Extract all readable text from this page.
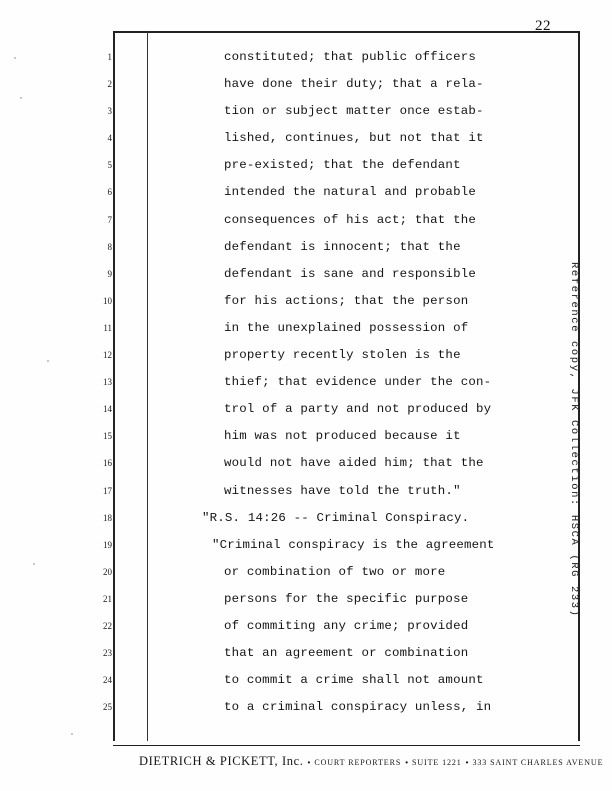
22
1
2
3
4
5
6
7
8
9
10
11
12
13
14
15
16
17
18
19
20
21
22
23
24
25
constituted; that public officers
have done their duty; that a rela-
tion or subject matter once estab-
lished, continues, but not that it
pre-existed; that the defendant
intended the natural and probable
consequences of his act; that the
defendant is innocent; that the
defendant is sane and responsible
for his actions; that the person
in the unexplained possession of
property recently stolen is the
thief; that evidence under the con-
trol of a party and not produced by
him was not produced because it
would not have aided him; that the
witnesses have told the truth."
"R.S. 14:26 -- Criminal Conspiracy.
"Criminal conspiracy is the agreement
or combination of two or more
persons for the specific purpose
of commiting any crime; provided
that an agreement or combination
to commit a crime shall not amount
to a criminal conspiracy unless, in
Reference copy, JFK Collection: HSCA (RG 233)
DIETRICH & PICKETT, Inc. • COURT REPORTERS • SUITE 1221 • 333 SAINT CHARLES AVENUE
